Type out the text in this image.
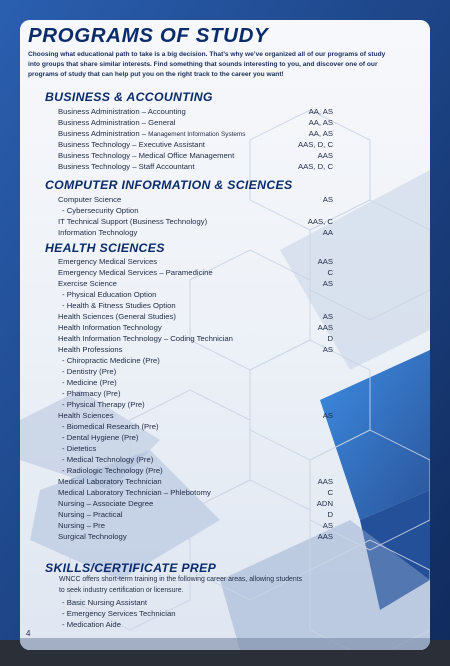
PROGRAMS OF STUDY
Choosing what educational path to take is a big decision. That’s why we’ve organized all of our programs of study
into groups that share similar interests. Find something that sounds interesting to you, and discover one of our
programs of study that can help put you on the right track to the career you want!
BUSINESS & ACCOUNTING
Business Administration – Accounting	AA, AS
Business Administration – General	AA, AS
Business Administration – Management Information Systems	AA, AS
Business Technology – Executive Assistant	AAS, D, C
Business Technology – Medical Office Management	AAS
Business Technology – Staff Accountant	AAS, D, C
COMPUTER INFORMATION & SCIENCES
Computer Science	AS
- Cybersecurity Option
IT Technical Support (Business Technology)	AAS, C
Information Technology	AA
HEALTH SCIENCES
Emergency Medical Services	AAS
Emergency Medical Services – Paramedicine	C
Exercise Science	AS
- Physical Education Option
- Health & Fitness Studies Option
Health Sciences (General Studies)	AS
Health Information Technology	AAS
Health Information Technology – Coding Technician	D
Health Professions	AS
- Chiropractic Medicine (Pre)
- Dentistry (Pre)
- Medicine (Pre)
- Pharmacy (Pre)
- Physical Therapy (Pre)
Health Sciences	AS
- Biomedical Research (Pre)
- Dental Hygiene (Pre)
- Dietetics
- Medical Technology (Pre)
- Radiologic Technology (Pre)
Medical Laboratory Technician	AAS
Medical Laboratory Technician – Phlebotomy	C
Nursing – Associate Degree	ADN
Nursing – Practical	D
Nursing – Pre	AS
Surgical Technology	AAS
SKILLS/CERTIFICATE PREP
WNCC offers short-term training in the following career areas, allowing students
to seek industry certification or licensure.
- Basic Nursing Assistant
- Emergency Services Technician
- Medication Aide
4
